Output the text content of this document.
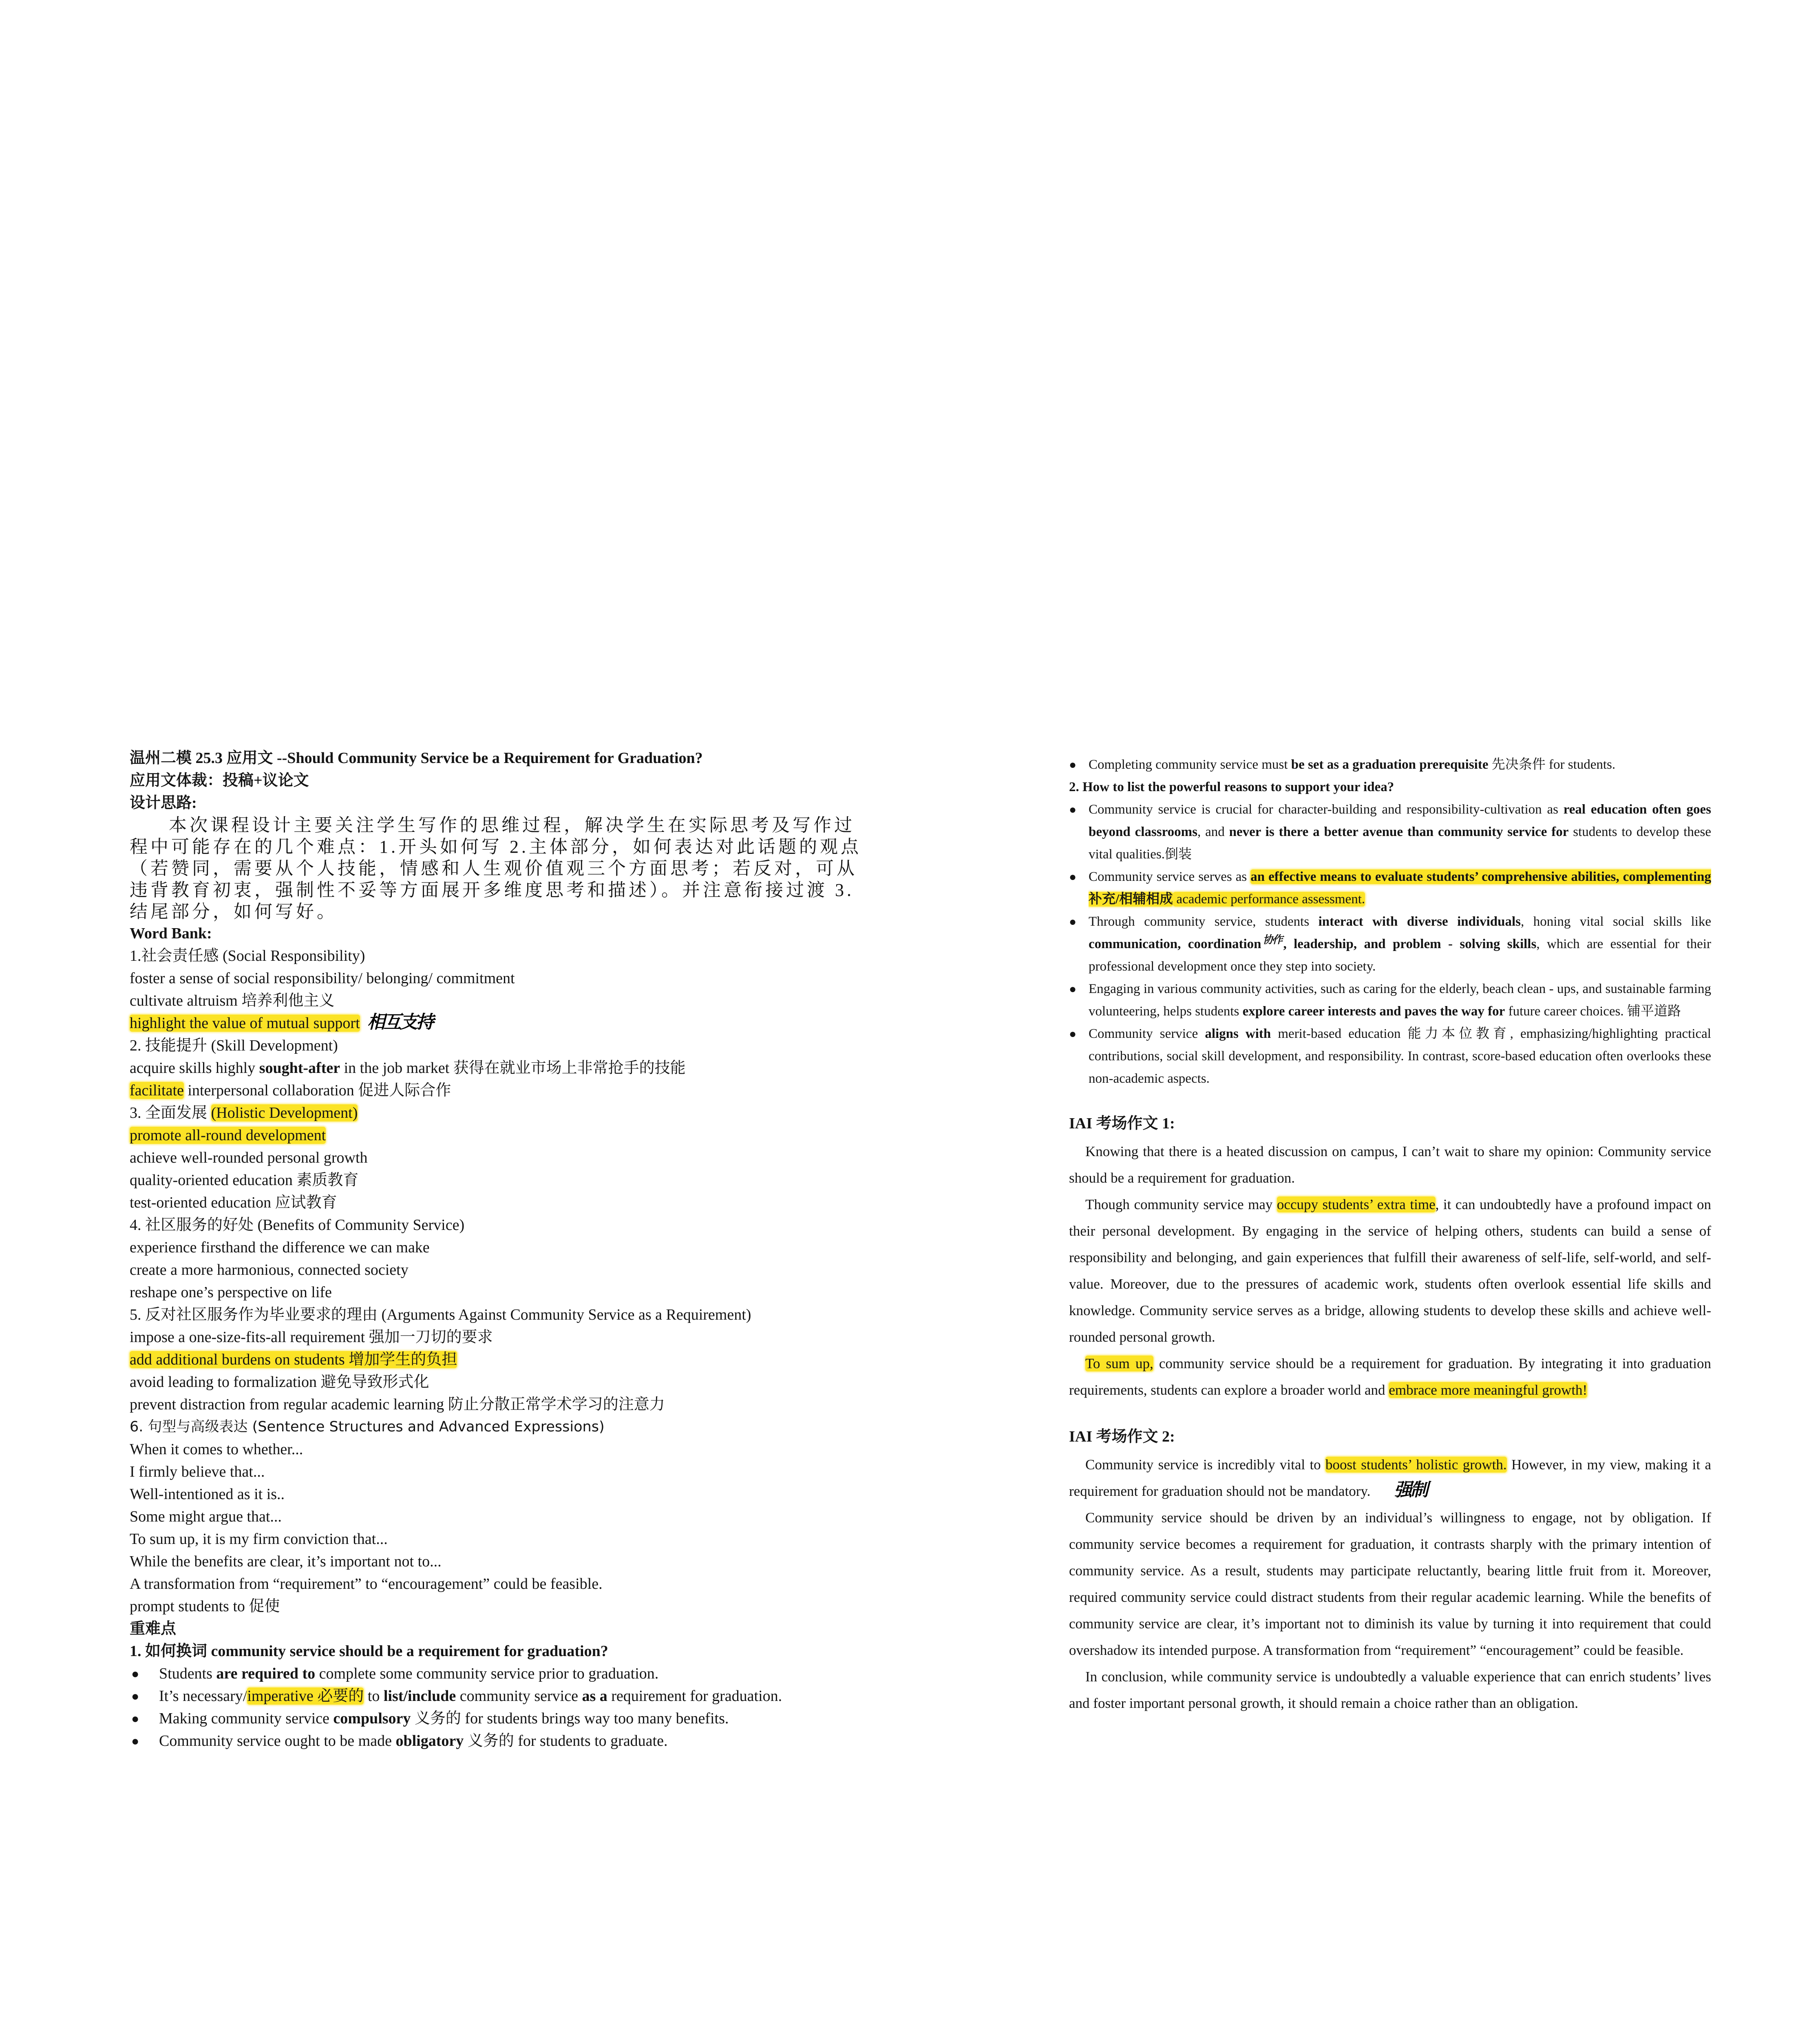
温州二模 25.3 应用文 --Should Community Service be a Requirement for Graduation?
应用文体裁：投稿+议论文
设计思路:
本次课程设计主要关注学生写作的思维过程，解决学生在实际思考及写作过程中可能存在的几个难点：1.开头如何写 2.主体部分，如何表达对此话题的观点（若赞同，需要从个人技能，情感和人生观价值观三个方面思考；若反对，可从违背教育初衷，强制性不妥等方面展开多维度思考和描述）。并注意衔接过渡 3.结尾部分，如何写好。
Word Bank:
1.社会责任感 (Social Responsibility)
foster a sense of social responsibility/ belonging/ commitment
cultivate altruism 培养利他主义
highlight the value of mutual support 相互支持
2. 技能提升 (Skill Development)
acquire skills highly sought-after in the job market 获得在就业市场上非常抢手的技能
facilitate interpersonal collaboration 促进人际合作
3. 全面发展 (Holistic Development)
promote all-round development
achieve well-rounded personal growth
quality-oriented education 素质教育
test-oriented education 应试教育
4. 社区服务的好处 (Benefits of Community Service)
experience firsthand the difference we can make
create a more harmonious, connected society
reshape one’s perspective on life
5. 反对社区服务作为毕业要求的理由 (Arguments Against Community Service as a Requirement)
impose a one-size-fits-all requirement 强加一刀切的要求
add additional burdens on students 增加学生的负担
avoid leading to formalization 避免导致形式化
prevent distraction from regular academic learning 防止分散正常学术学习的注意力
6. 句型与高级表达 (Sentence Structures and Advanced Expressions)
When it comes to whether...
I firmly believe that...
Well-intentioned as it is..
Some might argue that...
To sum up, it is my firm conviction that...
While the benefits are clear, it’s important not to...
A transformation from “requirement” to “encouragement” could be feasible.
prompt students to 促使
重难点
1. 如何换词 community service should be a requirement for graduation?
● Students are required to complete some community service prior to graduation.
● It’s necessary/imperative 必要的 to list/include community service as a requirement for graduation.
● Making community service compulsory 义务的 for students brings way too many benefits.
● Community service ought to be made obligatory 义务的 for students to graduate.
● Completing community service must be set as a graduation prerequisite 先决条件 for students.
2. How to list the powerful reasons to support your idea?
● Community service is crucial for character-building and responsibility-cultivation as real education often goes beyond classrooms, and never is there a better avenue than community service for students to develop these vital qualities.倒装
● Community service serves as an effective means to evaluate students’ comprehensive abilities, complementing 补充/相辅相成 academic performance assessment.
● Through community service, students interact with diverse individuals, honing vital social skills like communication, coordination 协作 , leadership, and problem - solving skills, which are essential for their professional development once they step into society.
● Engaging in various community activities, such as caring for the elderly, beach clean - ups, and sustainable farming volunteering, helps students explore career interests and paves the way for future career choices. 铺平道路
● Community service aligns with merit-based education 能力本位教育, emphasizing/highlighting practical contributions, social skill development, and responsibility. In contrast, score-based education often overlooks these non-academic aspects.
IAI 考场作文 1:
Knowing that there is a heated discussion on campus, I can’t wait to share my opinion: Community service should be a requirement for graduation.
Though community service may occupy students’ extra time, it can undoubtedly have a profound impact on their personal development. By engaging in the service of helping others, students can build a sense of responsibility and belonging, and gain experiences that fulfill their awareness of self-life, self-world, and self-value. Moreover, due to the pressures of academic work, students often overlook essential life skills and knowledge. Community service serves as a bridge, allowing students to develop these skills and achieve well-rounded personal growth.
To sum up, community service should be a requirement for graduation. By integrating it into graduation requirements, students can explore a broader world and embrace more meaningful growth!
IAI 考场作文 2:
Community service is incredibly vital to boost students’ holistic growth. However, in my view, making it a requirement for graduation should not be mandatory. 强制
Community service should be driven by an individual’s willingness to engage, not by obligation. If community service becomes a requirement for graduation, it contrasts sharply with the primary intention of community service. As a result, students may participate reluctantly, bearing little fruit from it. Moreover, required community service could distract students from their regular academic learning. While the benefits of community service are clear, it’s important not to diminish its value by turning it into requirement that could overshadow its intended purpose. A transformation from “requirement” “encouragement” could be feasible.
In conclusion, while community service is undoubtedly a valuable experience that can enrich students’ lives and foster important personal growth, it should remain a choice rather than an obligation.
